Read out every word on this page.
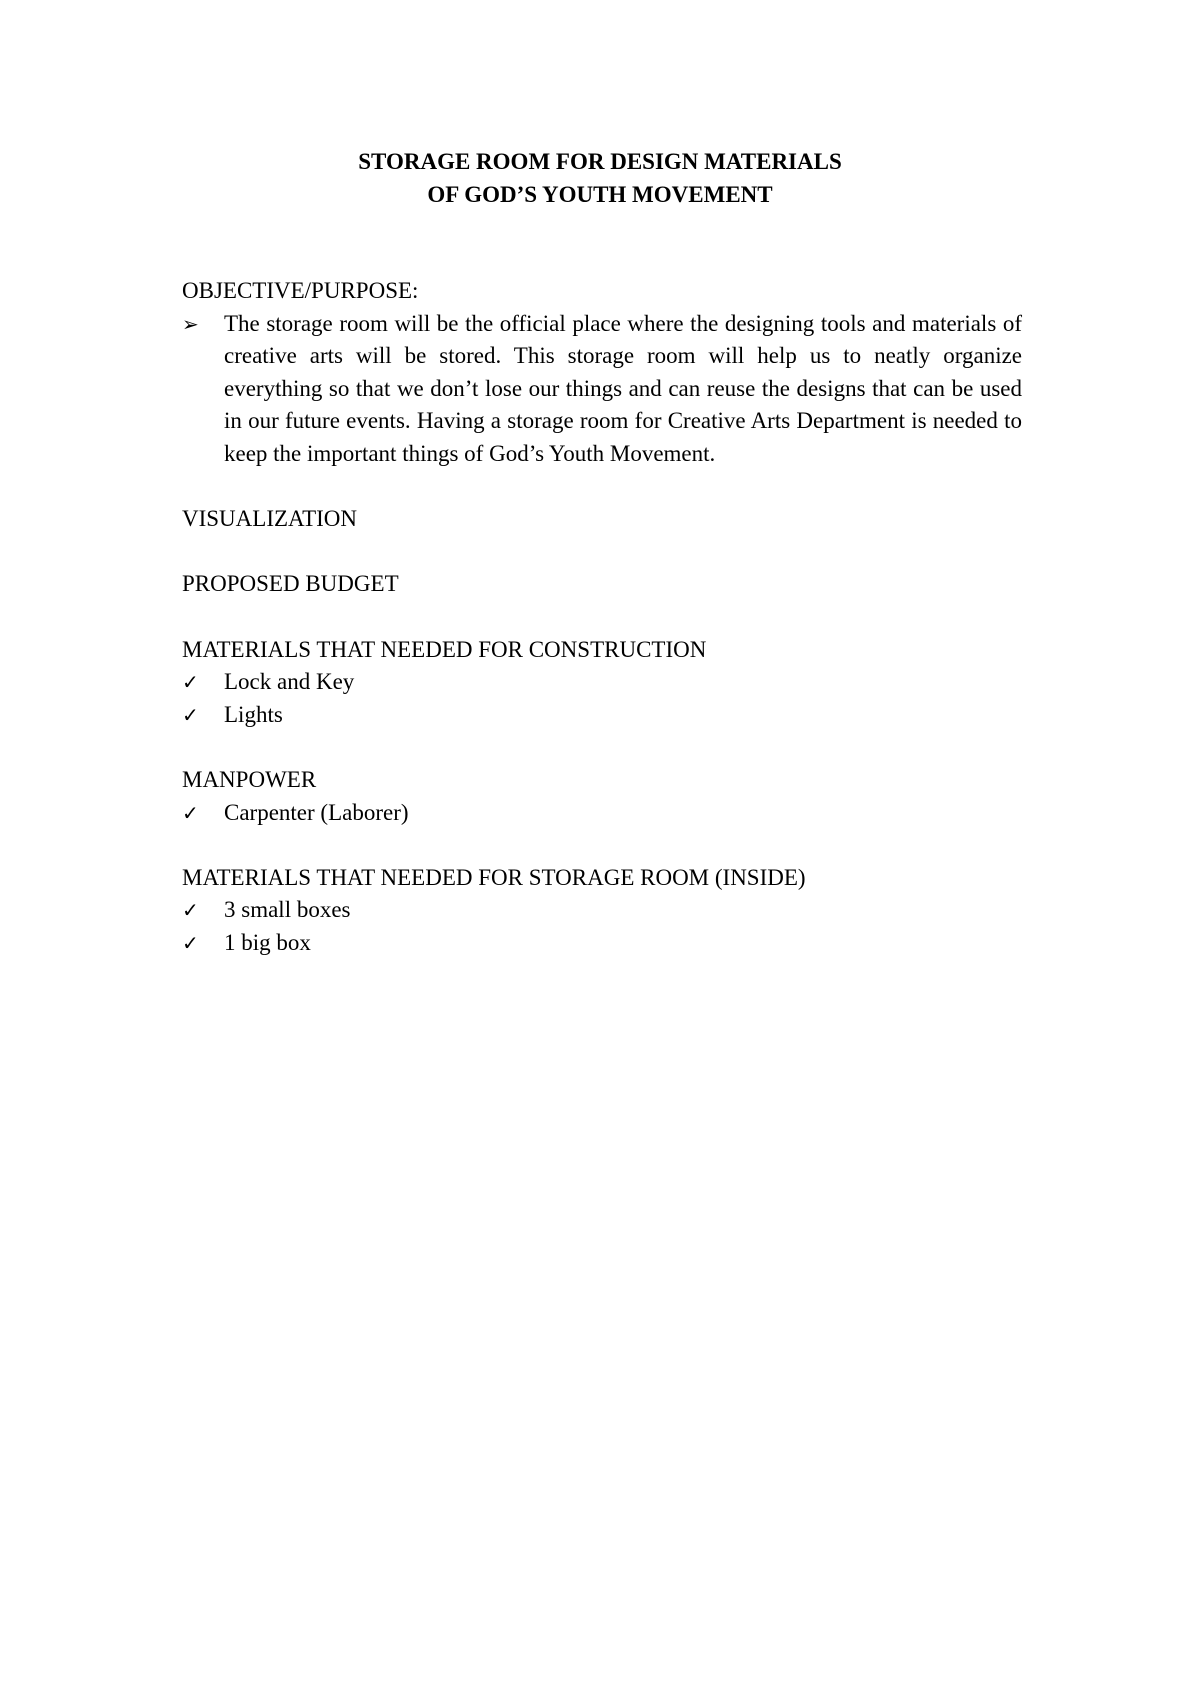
STORAGE ROOM FOR DESIGN MATERIALS
OF GOD’S YOUTH MOVEMENT
OBJECTIVE/PURPOSE:
➢	The storage room will be the official place where the designing tools and materials of creative arts will be stored. This storage room will help us to neatly organize everything so that we don’t lose our things and can reuse the designs that can be used in our future events. Having a storage room for Creative Arts Department is needed to keep the important things of God’s Youth Movement.
VISUALIZATION
PROPOSED BUDGET
MATERIALS THAT NEEDED FOR CONSTRUCTION
✓	Lock and Key
✓	Lights
MANPOWER
✓	Carpenter (Laborer)
MATERIALS THAT NEEDED FOR STORAGE ROOM (INSIDE)
✓	3 small boxes
✓	1 big box
